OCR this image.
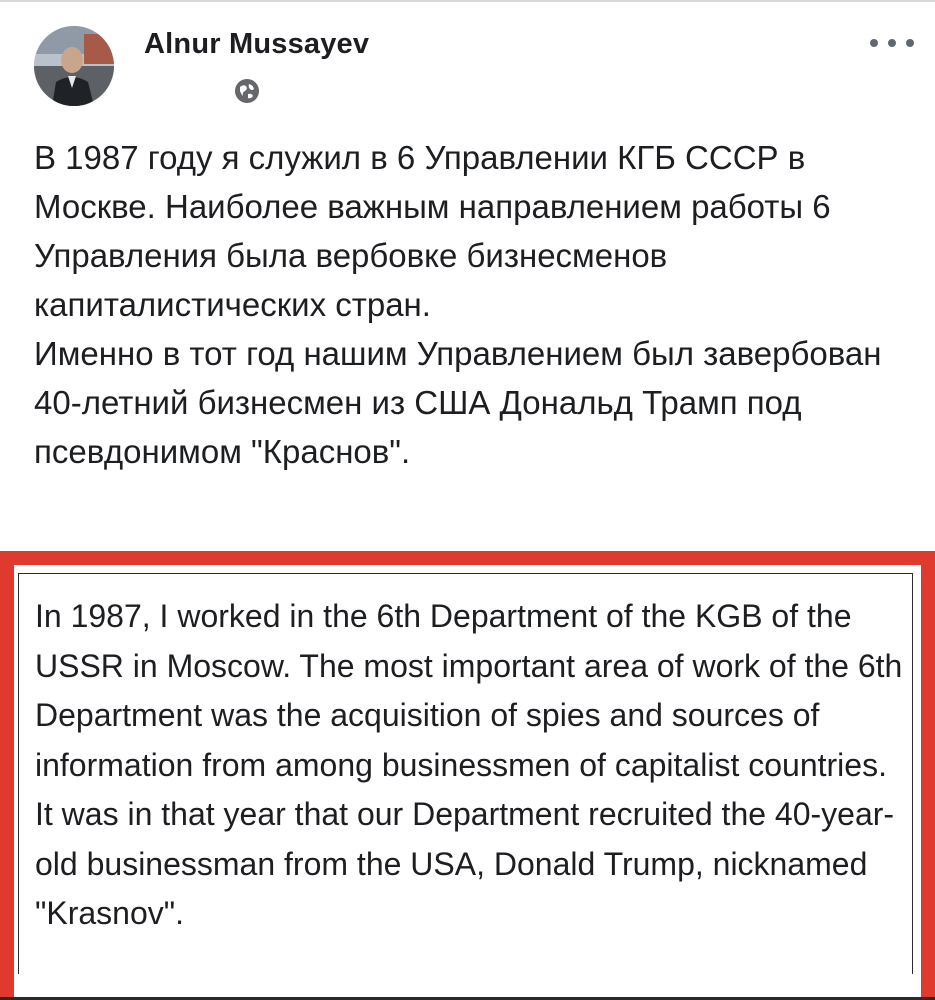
Alnur Mussayev

В 1987 году я служил в 6 Управлении КГБ СССР в Москве. Наиболее важным направлением работы 6 Управления была вербовке бизнесменов капиталистических стран.

Именно в тот год нашим Управлением был завербован 40-летний бизнесмен из США Дональд Трамп под псевдонимом "Краснов".

In 1987, I worked in the 6th Department of the KGB of the USSR in Moscow. The most important area of work of the 6th Department was the acquisition of spies and sources of information from among businessmen of capitalist countries. It was in that year that our Department recruited the 40-year-old businessman from the USA, Donald Trump, nicknamed "Krasnov".
